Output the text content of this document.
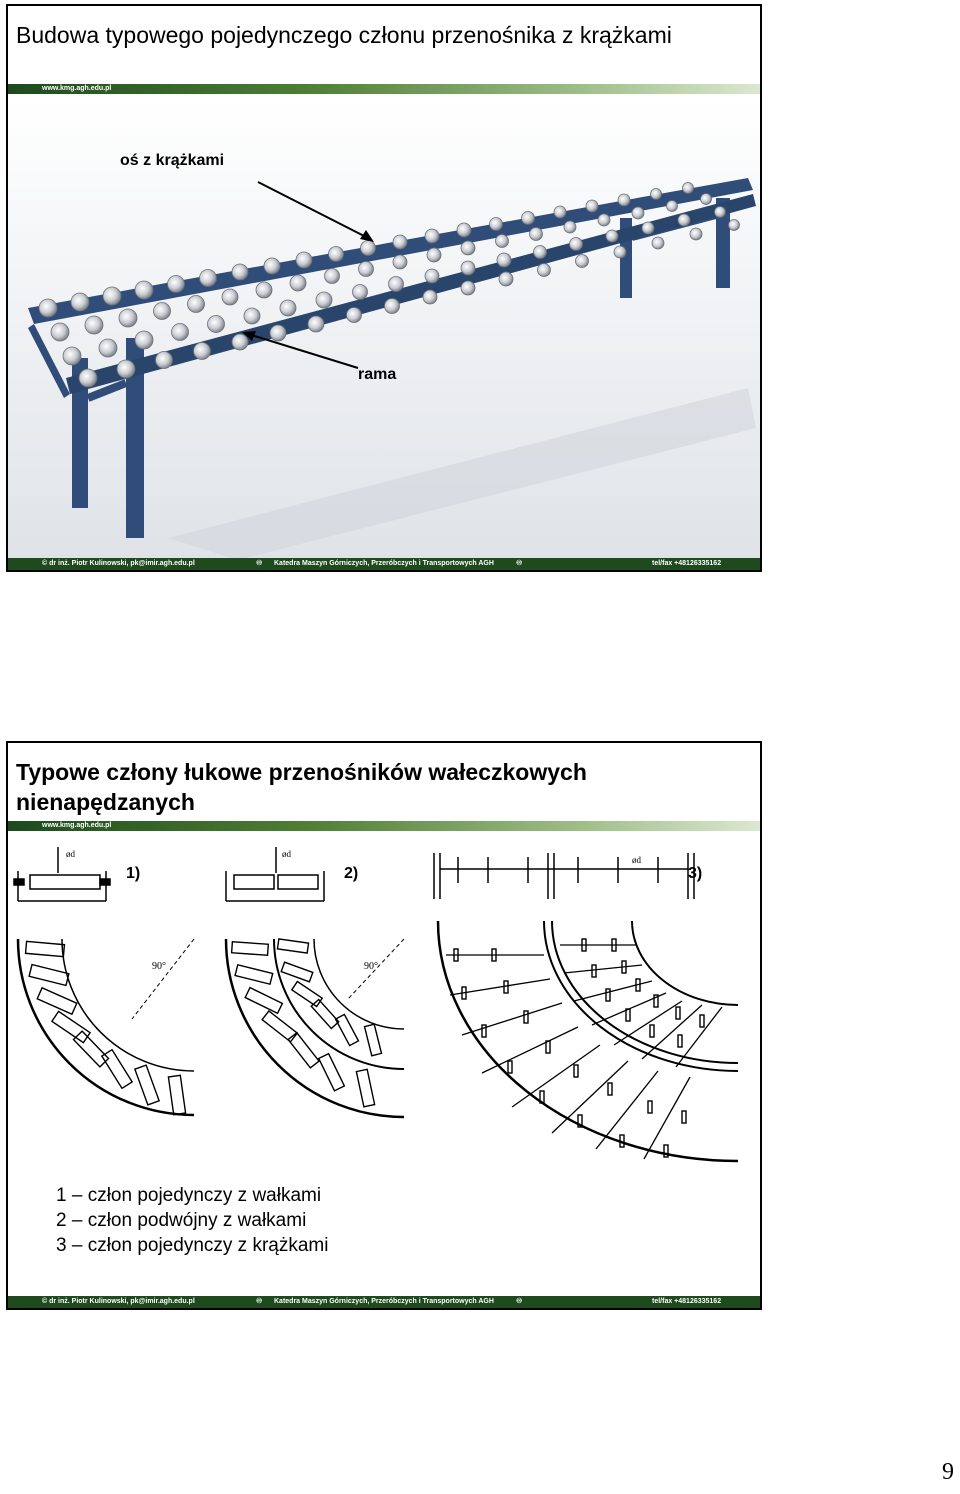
Budowa typowego pojedynczego członu przenośnika z krążkami
www.kmg.agh.edu.pl
oś z krążkami
rama
© dr inż. Piotr Kulinowski, pk@imir.agh.edu.pl	♾ Katedra Maszyn Górniczych, Przeróbczych i Transportowych AGH	♾	tel/fax +48126335162
Typowe człony łukowe przenośników wałeczkowych nienapędzanych
www.kmg.agh.edu.pl
ød
1)
ød
2)
ød
3)
90°	90°
1 – człon pojedynczy z wałkami
2 – człon podwójny z wałkami
3 – człon pojedynczy z krążkami
© dr inż. Piotr Kulinowski, pk@imir.agh.edu.pl	♾ Katedra Maszyn Górniczych, Przeróbczych i Transportowych AGH	♾	tel/fax +48126335162
9
